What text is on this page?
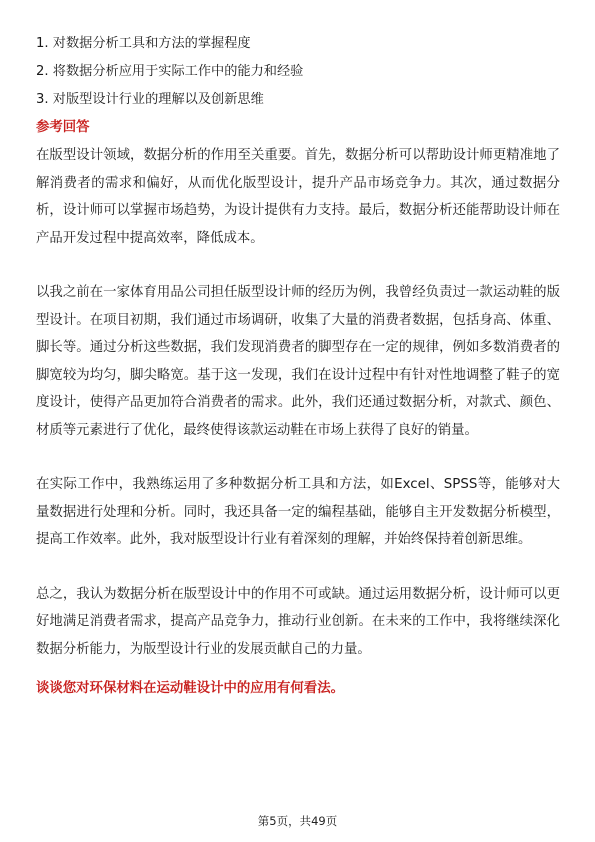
1. 对数据分析工具和方法的掌握程度
2. 将数据分析应用于实际工作中的能力和经验
3. 对版型设计行业的理解以及创新思维
参考回答

在版型设计领域，数据分析的作用至关重要。首先，数据分析可以帮助设计师更精准地了解消费者的需求和偏好，从而优化版型设计，提升产品市场竞争力。其次，通过数据分析，设计师可以掌握市场趋势，为设计提供有力支持。最后，数据分析还能帮助设计师在产品开发过程中提高效率，降低成本。

以我之前在一家体育用品公司担任版型设计师的经历为例，我曾经负责过一款运动鞋的版型设计。在项目初期，我们通过市场调研，收集了大量的消费者数据，包括身高、体重、脚长等。通过分析这些数据，我们发现消费者的脚型存在一定的规律，例如多数消费者的脚宽较为均匀，脚尖略宽。基于这一发现，我们在设计过程中有针对性地调整了鞋子的宽度设计，使得产品更加符合消费者的需求。此外，我们还通过数据分析，对款式、颜色、材质等元素进行了优化，最终使得该款运动鞋在市场上获得了良好的销量。

在实际工作中，我熟练运用了多种数据分析工具和方法，如Excel、SPSS等，能够对大量数据进行处理和分析。同时，我还具备一定的编程基础，能够自主开发数据分析模型，提高工作效率。此外，我对版型设计行业有着深刻的理解，并始终保持着创新思维。

总之，我认为数据分析在版型设计中的作用不可或缺。通过运用数据分析，设计师可以更好地满足消费者需求，提高产品竞争力，推动行业创新。在未来的工作中，我将继续深化数据分析能力，为版型设计行业的发展贡献自己的力量。

谈谈您对环保材料在运动鞋设计中的应用有何看法。
第5页，共49页
